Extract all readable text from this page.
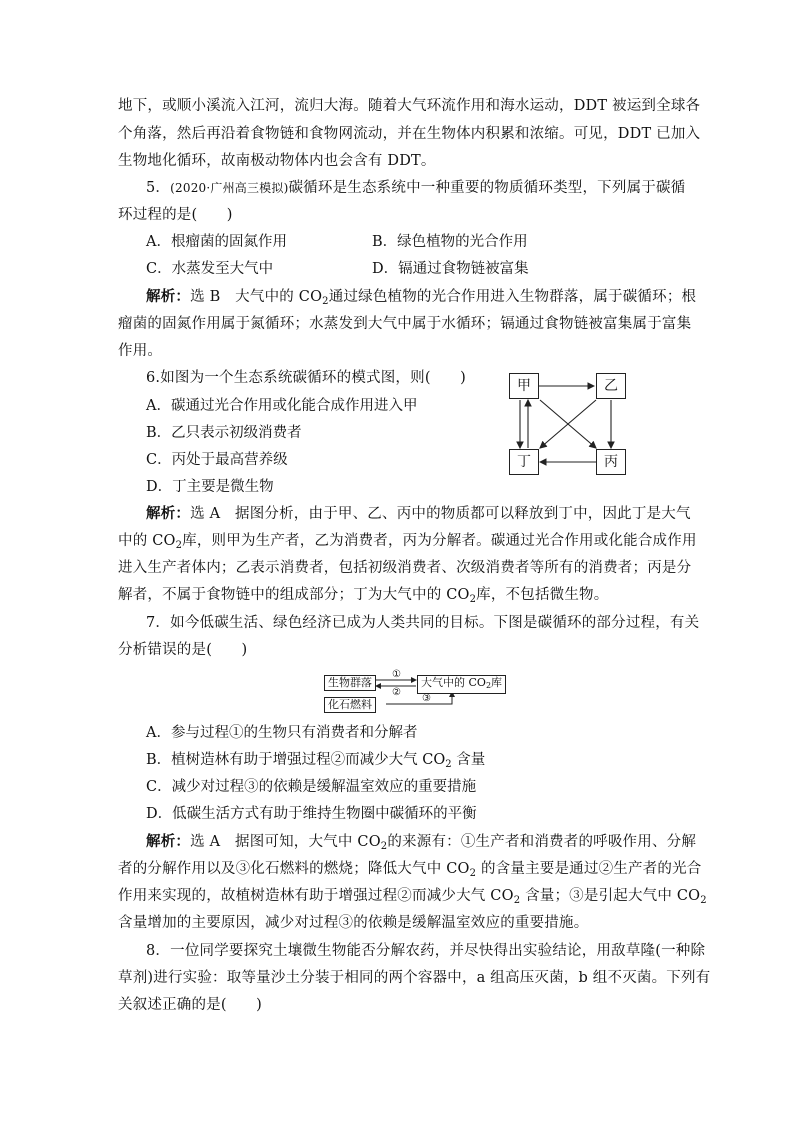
地下，或顺小溪流入江河，流归大海。随着大气环流作用和海水运动，DDT 被运到全球各
个角落，然后再沿着食物链和食物网流动，并在生物体内积累和浓缩。可见，DDT 已加入
生物地化循环，故南极动物体内也会含有 DDT。
5．(2020·广州高三模拟)碳循环是生态系统中一种重要的物质循环类型，下列属于碳循
环过程的是(　　)
A．根瘤菌的固氮作用	B．绿色植物的光合作用
C．水蒸发至大气中	D．镉通过食物链被富集
解析：选 B　大气中的 $CO_2$通过绿色植物的光合作用进入生物群落，属于碳循环；根
瘤菌的固氮作用属于氮循环；水蒸发到大气中属于水循环；镉通过食物链被富集属于富集
作用。
6.如图为一个生态系统碳循环的模式图，则(　　)
A．碳通过光合作用或化能合成作用进入甲
B．乙只表示初级消费者
C．丙处于最高营养级
D．丁主要是微生物
甲	乙
丁	丙
解析：选 A　据图分析，由于甲、乙、丙中的物质都可以释放到丁中，因此丁是大气
中的 $CO_2$库，则甲为生产者，乙为消费者，丙为分解者。碳通过光合作用或化能合成作用
进入生产者体内；乙表示消费者，包括初级消费者、次级消费者等所有的消费者；丙是分
解者，不属于食物链中的组成部分；丁为大气中的 $CO_2$库，不包括微生物。
7．如今低碳生活、绿色经济已成为人类共同的目标。下图是碳循环的部分过程，有关
分析错误的是(　　)
生物群落	大气中的 CO2库
化石燃料
①
②
③
A．参与过程①的生物只有消费者和分解者
B．植树造林有助于增强过程②而减少大气 $CO_2$ 含量
C．减少对过程③的依赖是缓解温室效应的重要措施
D．低碳生活方式有助于维持生物圈中碳循环的平衡
解析：选 A　据图可知，大气中 $CO_2$的来源有：①生产者和消费者的呼吸作用、分解
者的分解作用以及③化石燃料的燃烧；降低大气中 $CO_2$ 的含量主要是通过②生产者的光合
作用来实现的，故植树造林有助于增强过程②而减少大气 $CO_2$ 含量；③是引起大气中 $CO_2$
含量增加的主要原因，减少对过程③的依赖是缓解温室效应的重要措施。
8．一位同学要探究土壤微生物能否分解农药，并尽快得出实验结论，用敌草隆(一种除
草剂)进行实验：取等量沙土分装于相同的两个容器中，a 组高压灭菌，b 组不灭菌。下列有
关叙述正确的是(　　)
